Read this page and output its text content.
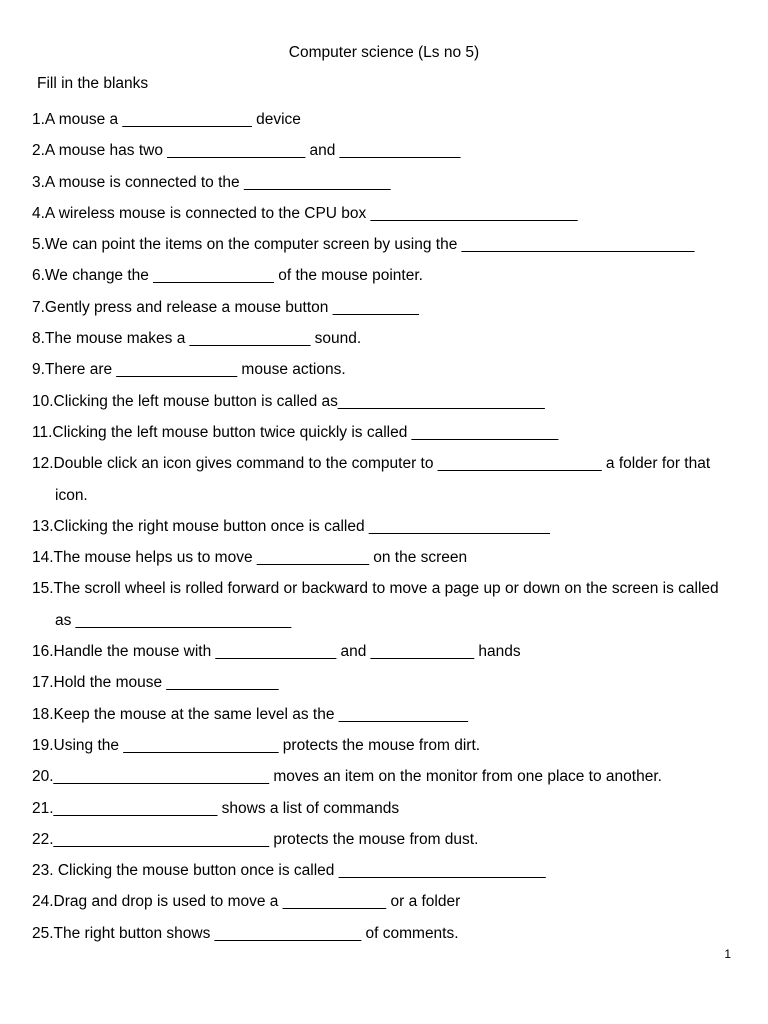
Computer science (Ls no 5)
Fill in the blanks
1.A mouse a _______________ device
2.A mouse has two ________________ and ______________
3.A mouse is connected to the _________________
4.A wireless mouse is connected to the CPU box ________________________
5.We can point the items on the computer screen by using the ___________________________
6.We change the ______________ of the mouse pointer.
7.Gently press and release a mouse button __________
8.The mouse makes a ______________ sound.
9.There are ______________ mouse actions.
10.Clicking the left mouse button is called as________________________
11.Clicking the left mouse button twice quickly is called _________________
12.Double click an icon gives command to the computer to ___________________ a folder for that icon.
13.Clicking the right mouse button once is called _____________________
14.The mouse helps us to move _____________ on the screen
15.The scroll wheel is rolled forward or backward to move a page up or down on the screen is called as _________________________
16.Handle the mouse with ______________ and ____________ hands
17.Hold the mouse _____________
18.Keep the mouse at the same level as the _______________
19.Using the __________________ protects the mouse from dirt.
20._________________________ moves an item on the monitor from one place to another.
21.___________________ shows a list of commands
22._________________________ protects the mouse from dust.
23. Clicking the mouse button once is called ________________________
24.Drag and drop is used to move a ____________ or a folder
25.The right button shows _________________ of comments.
1
